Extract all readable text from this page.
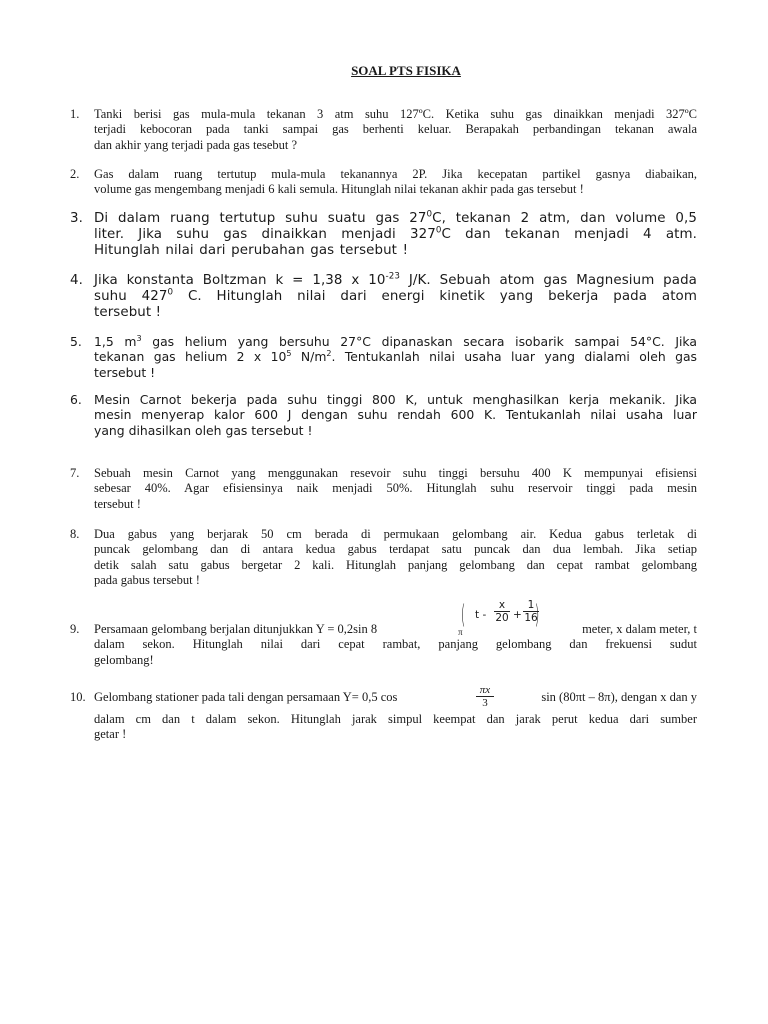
SOAL PTS FISIKA
1. Tanki berisi gas mula-mula tekanan 3 atm suhu 127ºC. Ketika suhu gas dinaikkan menjadi 327ºC
terjadi kebocoran pada tanki sampai gas berhenti keluar. Berapakah perbandingan tekanan awala
dan akhir yang terjadi pada gas tesebut ?
2. Gas dalam ruang tertutup mula-mula tekanannya 2P. Jika kecepatan partikel gasnya diabaikan,
volume gas mengembang menjadi 6 kali semula. Hitunglah nilai tekanan akhir pada gas tersebut !
3. Di dalam ruang tertutup suhu suatu gas $27^0C$, tekanan 2 atm, dan volume 0,5
liter. Jika suhu gas dinaikkan menjadi $327^0C$ dan tekanan menjadi 4 atm.
Hitunglah nilai dari perubahan gas tersebut !
4. Jika konstanta Boltzman k = 1,38 x $10^{-23}$ J/K. Sebuah atom gas Magnesium pada
suhu $427^0$ C. Hitunglah nilai dari energi kinetik yang bekerja pada atom
tersebut !
5. 1,5 $m^3$ gas helium yang bersuhu 27°C dipanaskan secara isobarik sampai 54°C. Jika
tekanan gas helium 2 x $10^5$ $N/m^2$. Tentukanlah nilai usaha luar yang dialami oleh gas
tersebut !
6. Mesin Carnot bekerja pada suhu tinggi 800 K, untuk menghasilkan kerja mekanik. Jika
mesin menyerap kalor 600 J dengan suhu rendah 600 K. Tentukanlah nilai usaha luar
yang dihasilkan oleh gas tersebut !
7. Sebuah mesin Carnot yang menggunakan resevoir suhu tinggi bersuhu 400 K mempunyai efisiensi
sebesar 40%. Agar efisiensinya naik menjadi 50%. Hitunglah suhu reservoir tinggi pada mesin
tersebut !
8. Dua gabus yang berjarak 50 cm berada di permukaan gelombang air. Kedua gabus terletak di
puncak gelombang dan di antara kedua gabus terdapat satu puncak dan dua lembah. Jika setiap
detik salah satu gabus bergetar 2 kali. Hitunglah panjang gelombang dan cepat rambat gelombang
pada gabus tersebut !
9. Persamaan gelombang berjalan ditunjukkan Y = 0,2sin 8	π
( t -
x
20 +
1
16
)	meter, x dalam meter, t
dalam sekon. Hitunglah nilai dari cepat rambat, panjang gelombang dan frekuensi sudut
gelombang!
10. Gelombang stationer pada tali dengan persamaan Y= 0,5 cos	πx
3	sin (80πt – 8π), dengan x dan y
dalam cm dan t dalam sekon. Hitunglah jarak simpul keempat dan jarak perut kedua dari sumber
getar !
